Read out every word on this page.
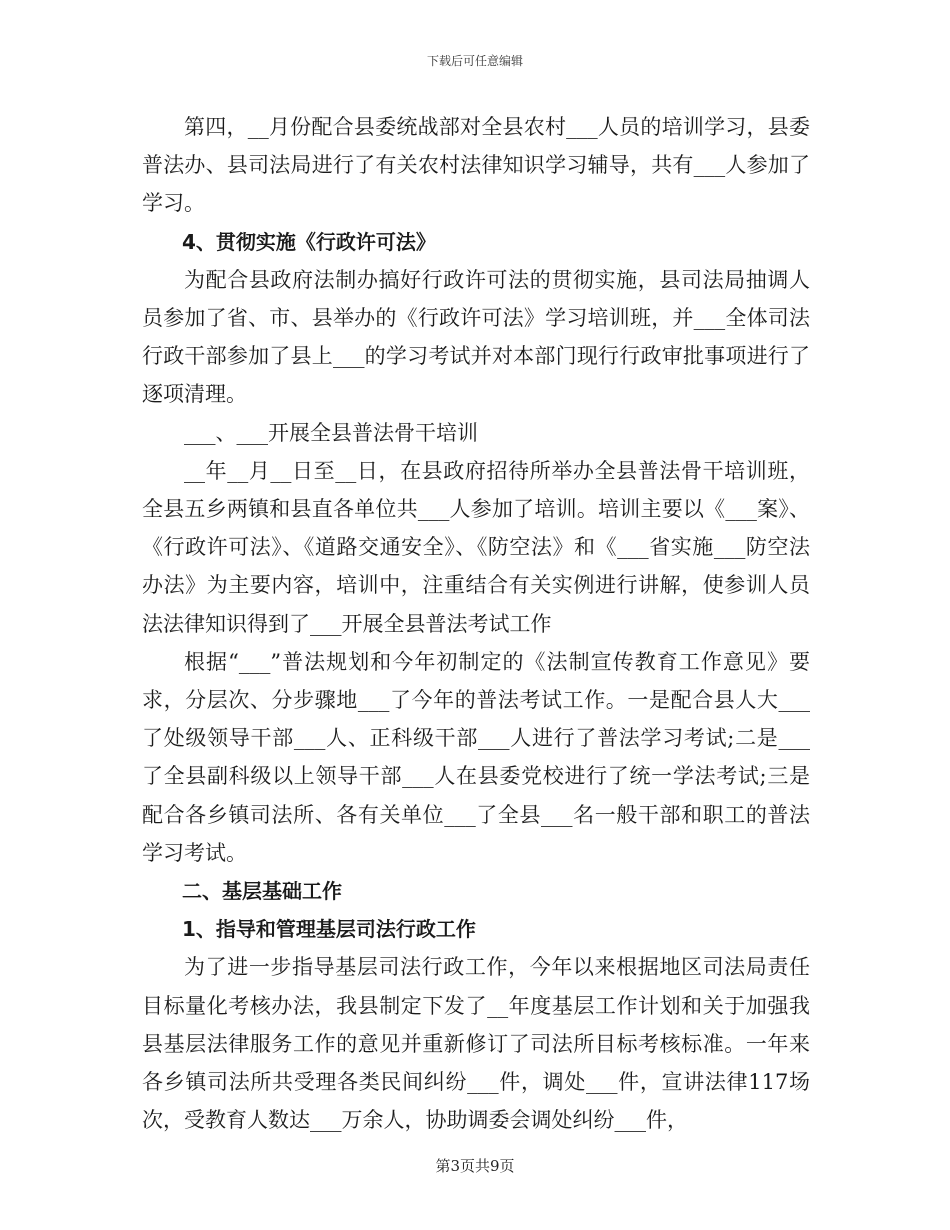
下载后可任意编辑

第四，__月份配合县委统战部对全县农村___人员的培训学习，县委普法办、县司法局进行了有关农村法律知识学习辅导，共有___人参加了学习。

4、贯彻实施《行政许可法》

为配合县政府法制办搞好行政许可法的贯彻实施，县司法局抽调人员参加了省、市、县举办的《行政许可法》学习培训班，并___全体司法行政干部参加了县上___的学习考试并对本部门现行行政审批事项进行了逐项清理。

___、___开展全县普法骨干培训

__年__月__日至__日，在县政府招待所举办全县普法骨干培训班，全县五乡两镇和县直各单位共___人参加了培训。培训主要以《___案》、《行政许可法》、《道路交通安全》、《防空法》和《___省实施___防空法办法》为主要内容，培训中，注重结合有关实例进行讲解，使参训人员法法律知识得到了___开展全县普法考试工作

根据“___”普法规划和今年初制定的《法制宣传教育工作意见》要求，分层次、分步骤地___了今年的普法考试工作。一是配合县人大___了处级领导干部___人、正科级干部___人进行了普法学习考试;二是___了全县副科级以上领导干部___人在县委党校进行了统一学法考试;三是配合各乡镇司法所、各有关单位___了全县___名一般干部和职工的普法学习考试。

二、基层基础工作

1、指导和管理基层司法行政工作

为了进一步指导基层司法行政工作，今年以来根据地区司法局责任目标量化考核办法，我县制定下发了__年度基层工作计划和关于加强我县基层法律服务工作的意见并重新修订了司法所目标考核标准。一年来各乡镇司法所共受理各类民间纠纷___件，调处___件，宣讲法律117场次，受教育人数达___万余人，协助调委会调处纠纷___件，

第3页共9页
